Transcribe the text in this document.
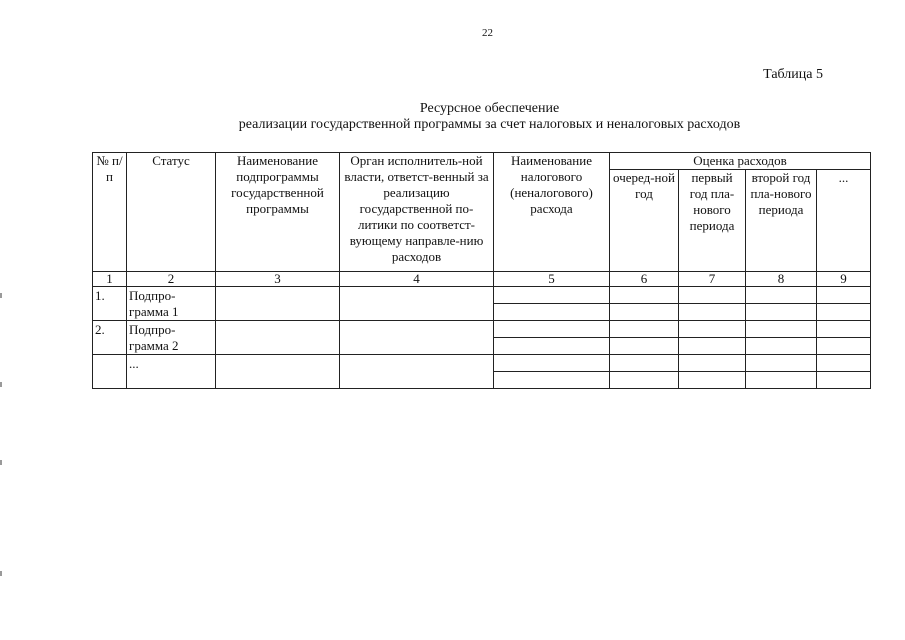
22
Таблица 5
Ресурсное обеспечение
реализации государственной программы за счет налоговых и неналоговых расходов
№ п/п	Статус	Наименование подпрограммы государственной программы	Орган исполнитель-ной власти, ответст-венный за реализацию государственной по-литики по соответст-вующему направле-нию расходов	Наименование налогового (неналогового) расхода	Оценка расходов			
					очеред-ной год	первый год пла-нового периода	второй год пла-нового периода	...
1	2	3	4	5	6	7	8	9
1.	Подпро-грамма 1							

2.	Подпро-грамма 2							

	...							
